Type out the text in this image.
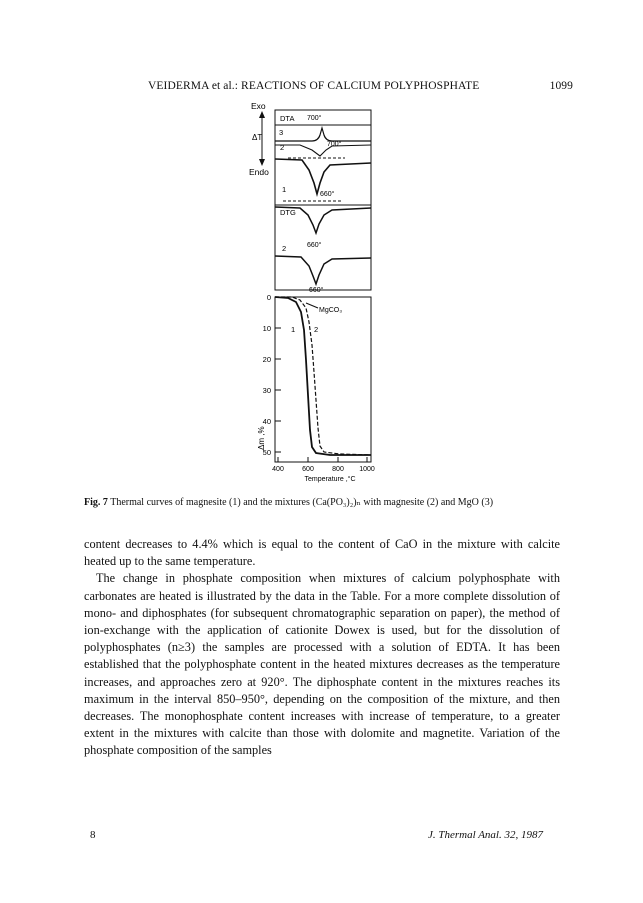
VEIDERMA et al.: REACTIONS OF CALCIUM POLYPHOSPHATE	1099
Exo
ΔT
Endo
DTA 700°
3
2	700°
1
660°
DTG
660°
2
660°
0
10
20
30
40
50
Δm ,%
MgCO₃
1	2
400	600	800 1000
Temperature ,°C
Fig. 7 Thermal curves of magnesite (1) and the mixtures (Ca(PO₃)₂)ₙ with magnesite (2) and MgO (3)

content decreases to 4.4% which is equal to the content of CaO in the mixture with calcite heated up to the same temperature.

The change in phosphate composition when mixtures of calcium polyphosphate with carbonates are heated is illustrated by the data in the Table. For a more complete dissolution of mono- and diphosphates (for subsequent chromatographic separation on paper), the method of ion-exchange with the application of cationite Dowex is used, but for the dissolution of polyphosphates (n≥3) the samples are processed with a solution of EDTA. It has been established that the polyphosphate content in the heated mixtures decreases as the temperature increases, and approaches zero at 920°. The diphosphate content in the mixtures reaches its maximum in the interval 850–950°, depending on the composition of the mixture, and then decreases. The monophosphate content increases with increase of temperature, to a greater extent in the mixtures with calcite than those with dolomite and magnetite. Variation of the phosphate composition of the samples

8	J. Thermal Anal. 32, 1987
